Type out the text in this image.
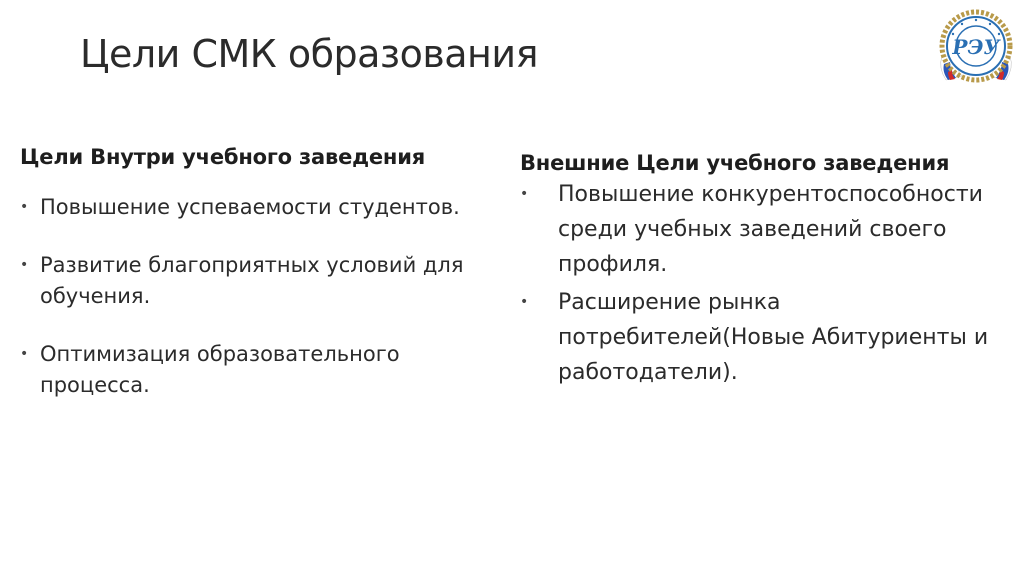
Цели СМК образования	РЭУ

Цели Внутри учебного заведения

• Повышение успеваемости студентов.
• Развитие благоприятных условий для обучения.
• Оптимизация образовательного процесса.

Внешние Цели учебного заведения

• Повышение конкурентоспособности среди учебных заведений своего профиля.
• Расширение рынка потребителей(Новые Абитуриенты и работодатели).
